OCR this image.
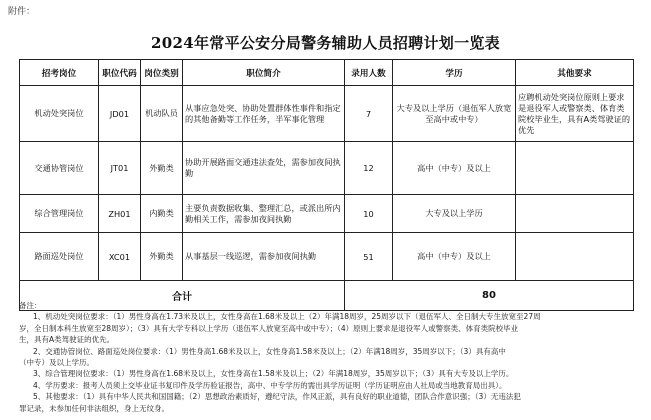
附件：
2024年常平公安分局警务辅助人员招聘计划一览表
招考岗位	职位代码	岗位类别	职位简介	录用人数	学历	其他要求
机动处突岗位	JD01	机动队员	从事应急处突、协助处置群体性事件和指定的其他备勤等工作任务，半军事化管理	7	大专及以上学历（退伍军人放宽至高中或中专）	应聘机动处突岗位原则上要求是退役军人或警察类、体育类院校毕业生，具有A类驾驶证的优先
交通协管岗位	JT01	外勤类	协助开展路面交通违法查处，需参加夜间执勤	12	高中（中专）及以上	
综合管理岗位	ZH01	内勤类	主要负责数据收集、整理汇总，或派出所内勤相关工作，需参加夜间执勤	10	大专及以上学历	
路面巡处岗位	XC01	外勤类	从事基层一线巡逻，需参加夜间执勤	51	高中（中专）及以上	
合计				80		
备注：
1、机动处突岗位要求：（1）男性身高在1.73米及以上，女性身高在1.68米及以上（2）年满18周岁，25周岁以下（退伍军人、全日制大专生放宽至27周
岁，全日制本科生放宽至28周岁）；（3）具有大学专科以上学历（退伍军人放宽至高中或中专）；（4）原则上要求是退役军人或警察类、体育类院校毕业
生，具有A类驾驶证的优先。
2、交通协管岗位、路面巡处岗位要求：（1）男性身高1.68米及以上，女性身高1.58米及以上；（2）年满18周岁，35周岁以下；（3）具有高中
（中专）及以上学历。
3、综合管理岗位要求：（1）男性身高在1.68米及以上，女性身高在1.58米及以上；（2）年满18周岁，35周岁以下；（3）具有大专及以上学历。
4、学历要求：报考人员须上交毕业证书复印件及学历验证报告，高中、中专学历的需出具学历证明（学历证明应由人社局或当地教育局出具）。
5、其他要求：（1）具有中华人民共和国国籍；（2）思想政治素质好，遵纪守法，作风正派，具有良好的职业道德，团队合作意识强；（3）无违法犯
罪记录，未参加任何非法组织，身上无纹身。
